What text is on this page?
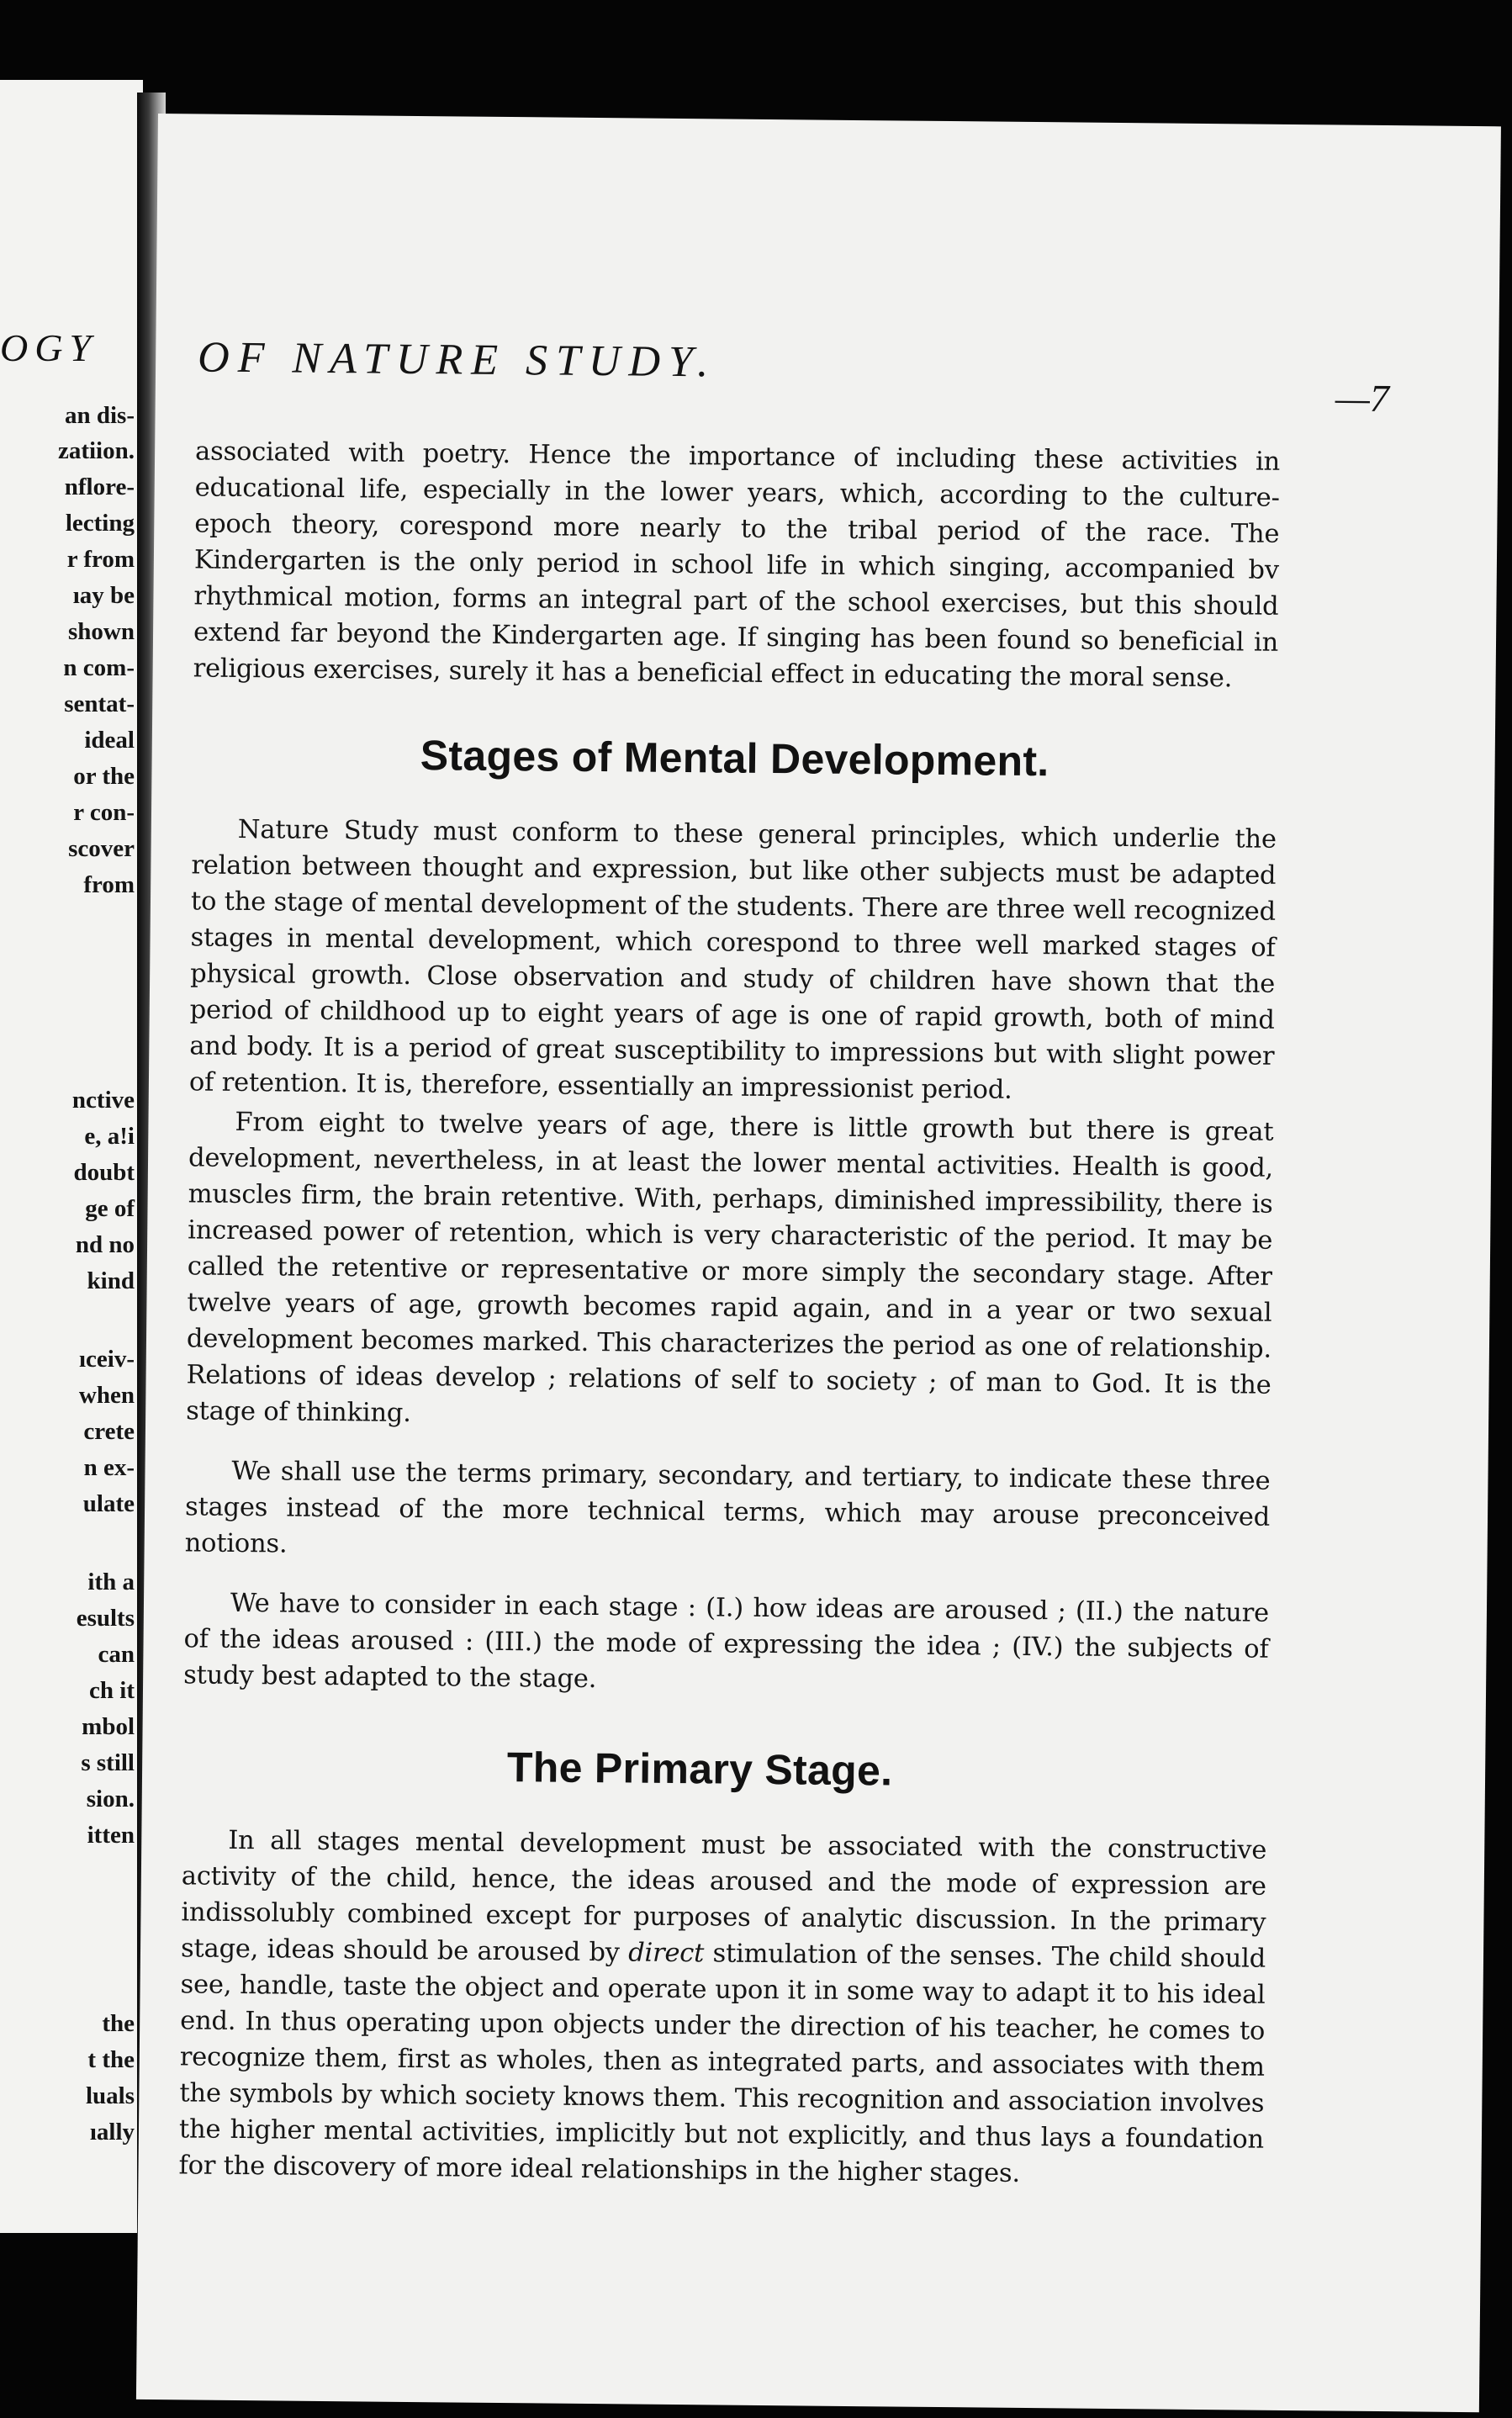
OGY
an dis-
zatiion.
nflore-
lecting
r from
ıay be
shown
n com-
sentat-
ideal
or the
r con-
scover
from
nctive
e, a!i
doubt
ge of
nd no
kind
ıceiv-
when
crete
n ex-
ulate
ith a
esults
can
ch it
mbol
s still
sion.
itten
the
t the
luals
ıally
OF NATURE STUDY.
—7

associated with poetry. Hence the importance of including these activities in educational life, especially in the lower years, which, according to the culture-epoch theory, corespond more nearly to the tribal period of the race. The Kindergarten is the only period in school life in which singing, accompanied bv rhythmical motion, forms an integral part of the school exercises, but this should extend far beyond the Kindergarten age. If singing has been found so beneficial in religious exercises, surely it has a beneficial effect in educating the moral sense.

Stages of Mental Development.

Nature Study must conform to these general principles, which underlie the relation between thought and expression, but like other subjects must be adapted to the stage of mental development of the students. There are three well recognized stages in mental development, which corespond to three well marked stages of physical growth. Close observation and study of children have shown that the period of childhood up to eight years of age is one of rapid growth, both of mind and body. It is a period of great susceptibility to impressions but with slight power of retention. It is, therefore, essentially an impressionist period.

From eight to twelve years of age, there is little growth but there is great development, nevertheless, in at least the lower mental activities. Health is good, muscles firm, the brain retentive. With, perhaps, diminished impressibility, there is increased power of retention, which is very characteristic of the period. It may be called the retentive or representative or more simply the secondary stage. After twelve years of age, growth becomes rapid again, and in a year or two sexual development becomes marked. This characterizes the period as one of relationship. Relations of ideas develop ; relations of self to society ; of man to God. It is the stage of thinking.

We shall use the terms primary, secondary, and tertiary, to indicate these three stages instead of the more technical terms, which may arouse preconceived notions.

We have to consider in each stage : (I.) how ideas are aroused ; (II.) the nature of the ideas aroused : (III.) the mode of expressing the idea ; (IV.) the subjects of study best adapted to the stage.

The Primary Stage.

In all stages mental development must be associated with the constructive activity of the child, hence, the ideas aroused and the mode of expression are indissolubly combined except for purposes of analytic discussion. In the primary stage, ideas should be aroused by direct stimulation of the senses. The child should see, handle, taste the object and operate upon it in some way to adapt it to his ideal end. In thus operating upon objects under the direction of his teacher, he comes to recognize them, first as wholes, then as integrated parts, and associates with them the symbols by which society knows them. This recognition and association involves the higher mental activities, implicitly but not explicitly, and thus lays a foundation for the discovery of more ideal relationships in the higher stages.
